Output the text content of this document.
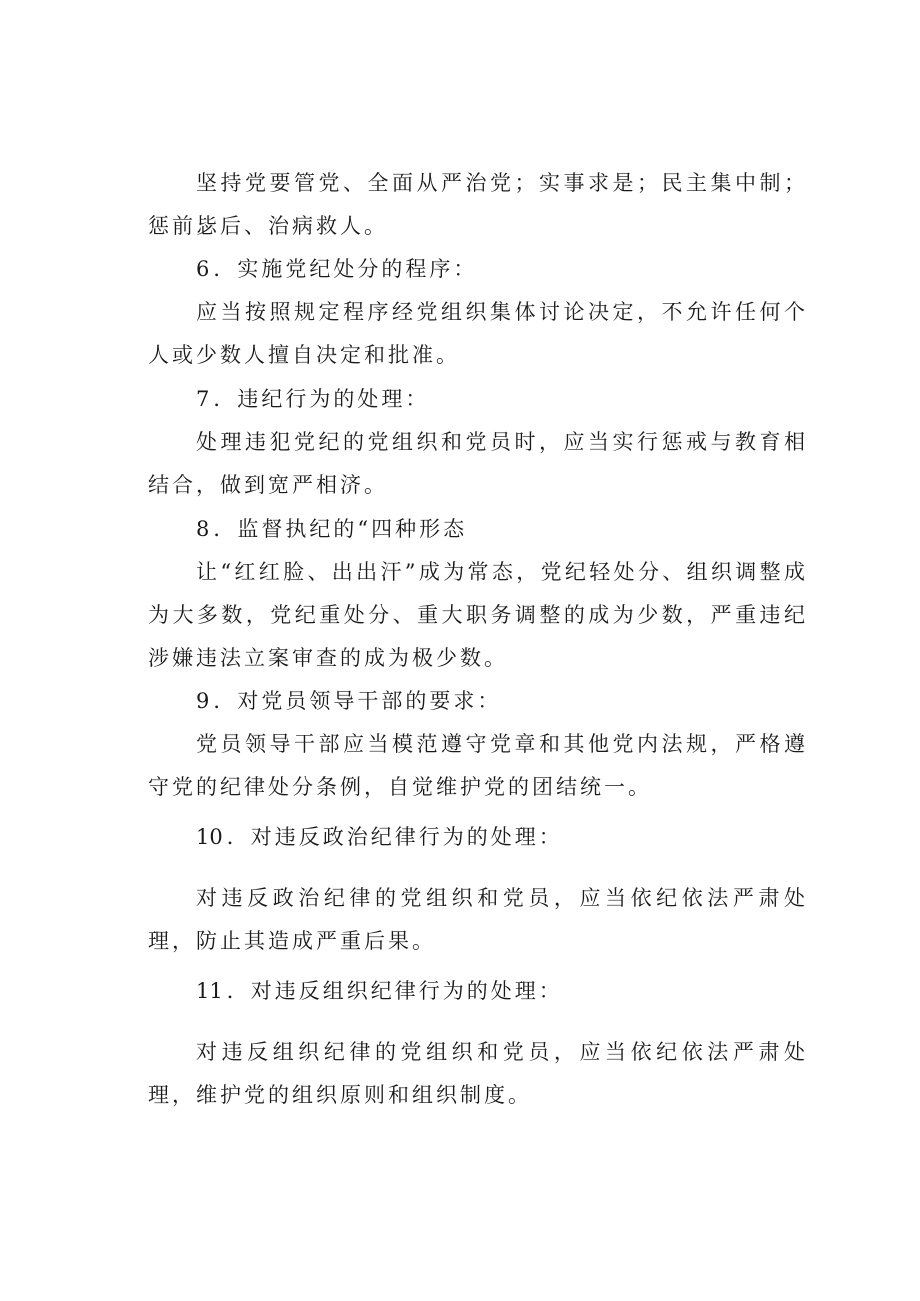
坚持党要管党、全面从严治党；实事求是；民主集中制；惩前毖后、治病救人。

6 ．实施党纪处分的程序：

应当按照规定程序经党组织集体讨论决定，不允许任何个人或少数人擅自决定和批准。

7 ．违纪行为的处理：

处理违犯党纪的党组织和党员时，应当实行惩戒与教育相结合，做到宽严相济。

8 ．监督执纪的“四种形态

让“红红脸、出出汗”成为常态，党纪轻处分、组织调整成为大多数，党纪重处分、重大职务调整的成为少数，严重违纪涉嫌违法立案审查的成为极少数。

9 ．对党员领导干部的要求：

党员领导干部应当模范遵守党章和其他党内法规，严格遵守党的纪律处分条例，自觉维护党的团结统一。

10 ．对违反政治纪律行为的处理：

对违反政治纪律的党组织和党员，应当依纪依法严肃处理，防止其造成严重后果。

11 ．对违反组织纪律行为的处理：

对违反组织纪律的党组织和党员，应当依纪依法严肃处理，维护党的组织原则和组织制度。
